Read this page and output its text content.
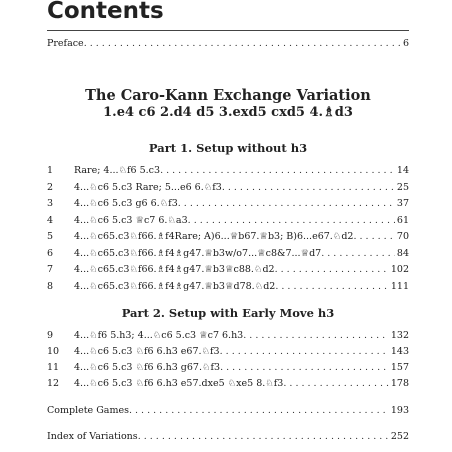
Contents
Preface . . .	6
The Caro-Kann Exchange Variation
1.e4 c6 2.d4 d5 3.exd5 cxd5 4.♗d3
Part 1. Setup without h3
1	Rare; 4...♘f6 5.c3 . . .	14
2	4...♘c6 5.c3 Rare; 5...e6 6.♘f3 . . .	25
3	4...♘c6 5.c3 g6 6.♘f3 . . .	37
4	4...♘c6 5.c3 ♕c7 6.♘a3 . . .	61
5	4...♘c65.c3♘f66.♗f4Rare; A)6...♕b67.♕b3; B)6...e67.♘d2 . . .	70
6	4...♘c65.c3♘f66.♗f4♗g47.♕b3w/o7...♕c8&7...♕d7 . . .	84
7	4...♘c65.c3♘f66.♗f4♗g47.♕b3♕c88.♘d2 . . .	102
8	4...♘c65.c3♘f66.♗f4♗g47.♕b3♕d78.♘d2 . . .	111
Part 2. Setup with Early Move h3
9	4...♘f6 5.h3; 4...♘c6 5.c3 ♕c7 6.h3 . . .	132
10	4...♘c6 5.c3 ♘f6 6.h3 e67.♘f3 . . .	143
11	4...♘c6 5.c3 ♘f6 6.h3 g67.♘f3 . . .	157
12	4...♘c6 5.c3 ♘f6 6.h3 e57.dxe5 ♘xe5 8.♘f3 . . .	178
Complete Games . . .	193
Index of Variations . . .	252
